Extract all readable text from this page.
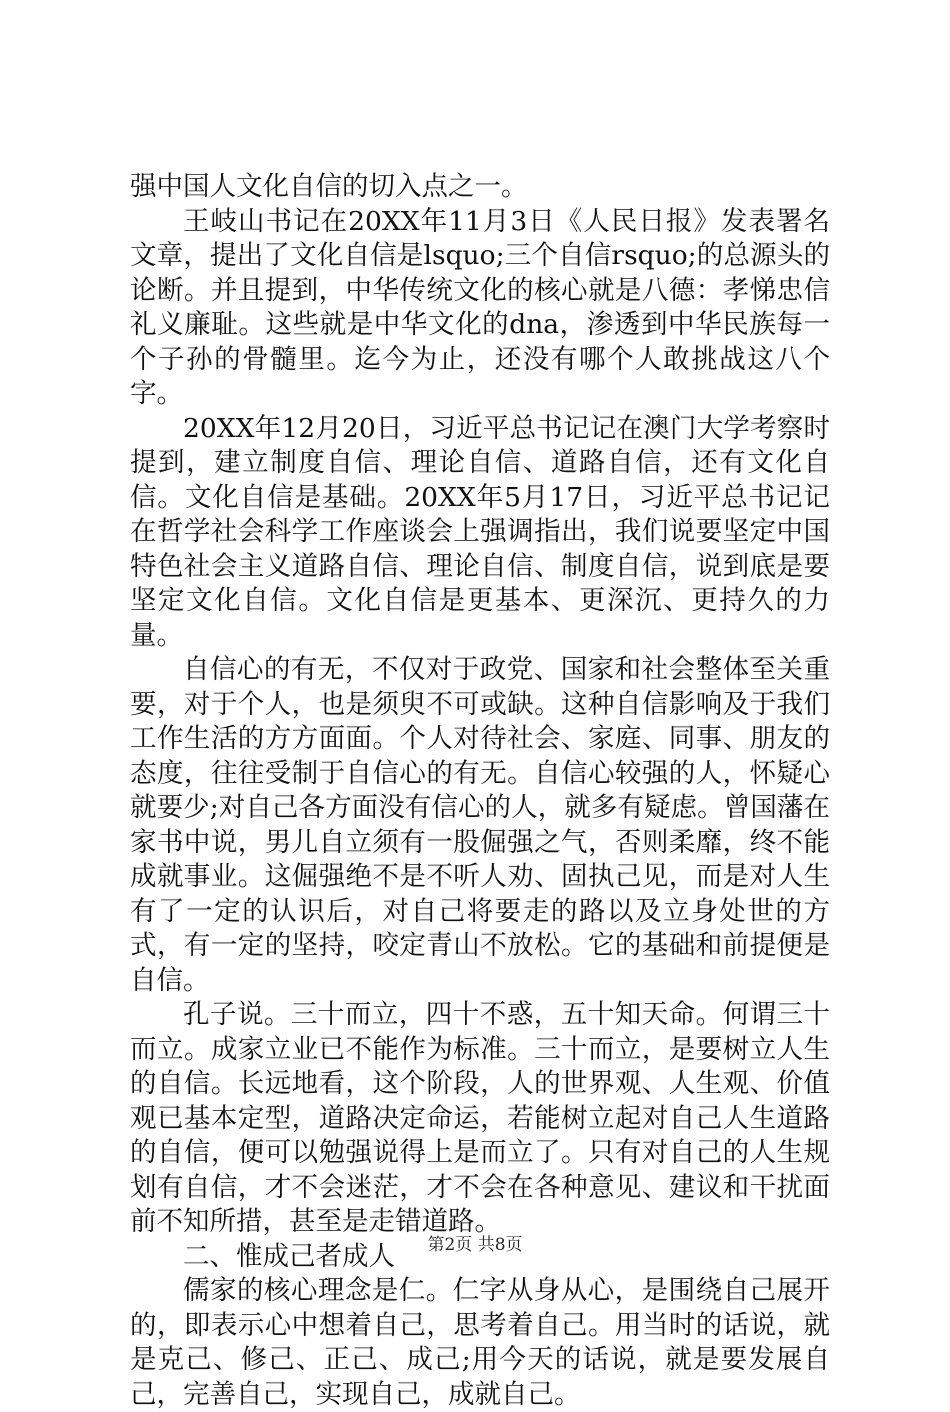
强中国人文化自信的切入点之一。

王岐山书记在20XX年11月3日《人民日报》发表署名文章，提出了文化自信是lsquo;三个自信rsquo;的总源头的论断。并且提到，中华传统文化的核心就是八德：孝悌忠信礼义廉耻。这些就是中华文化的dna，渗透到中华民族每一个子孙的骨髓里。迄今为止，还没有哪个人敢挑战这八个字。

20XX年12月20日，习近平总书记记在澳门大学考察时提到，建立制度自信、理论自信、道路自信，还有文化自信。文化自信是基础。20XX年5月17日，习近平总书记记在哲学社会科学工作座谈会上强调指出，我们说要坚定中国特色社会主义道路自信、理论自信、制度自信，说到底是要坚定文化自信。文化自信是更基本、更深沉、更持久的力量。

自信心的有无，不仅对于政党、国家和社会整体至关重要，对于个人，也是须臾不可或缺。这种自信影响及于我们工作生活的方方面面。个人对待社会、家庭、同事、朋友的态度，往往受制于自信心的有无。自信心较强的人，怀疑心就要少;对自己各方面没有信心的人，就多有疑虑。曾国藩在家书中说，男儿自立须有一股倔强之气，否则柔靡，终不能成就事业。这倔强绝不是不听人劝、固执己见，而是对人生有了一定的认识后，对自己将要走的路以及立身处世的方式，有一定的坚持，咬定青山不放松。它的基础和前提便是自信。

孔子说。三十而立，四十不惑，五十知天命。何谓三十而立。成家立业已不能作为标准。三十而立，是要树立人生的自信。长远地看，这个阶段，人的世界观、人生观、价值观已基本定型，道路决定命运，若能树立起对自己人生道路的自信，便可以勉强说得上是而立了。只有对自己的人生规划有自信，才不会迷茫，才不会在各种意见、建议和干扰面前不知所措，甚至是走错道路。

二、惟成己者成人

儒家的核心理念是仁。仁字从身从心，是围绕自己展开的，即表示心中想着自己，思考着自己。用当时的话说，就是克己、修己、正己、成己;用今天的话说，就是要发展自己，完善自己，实现自己，成就自己。

第2页 共8页
